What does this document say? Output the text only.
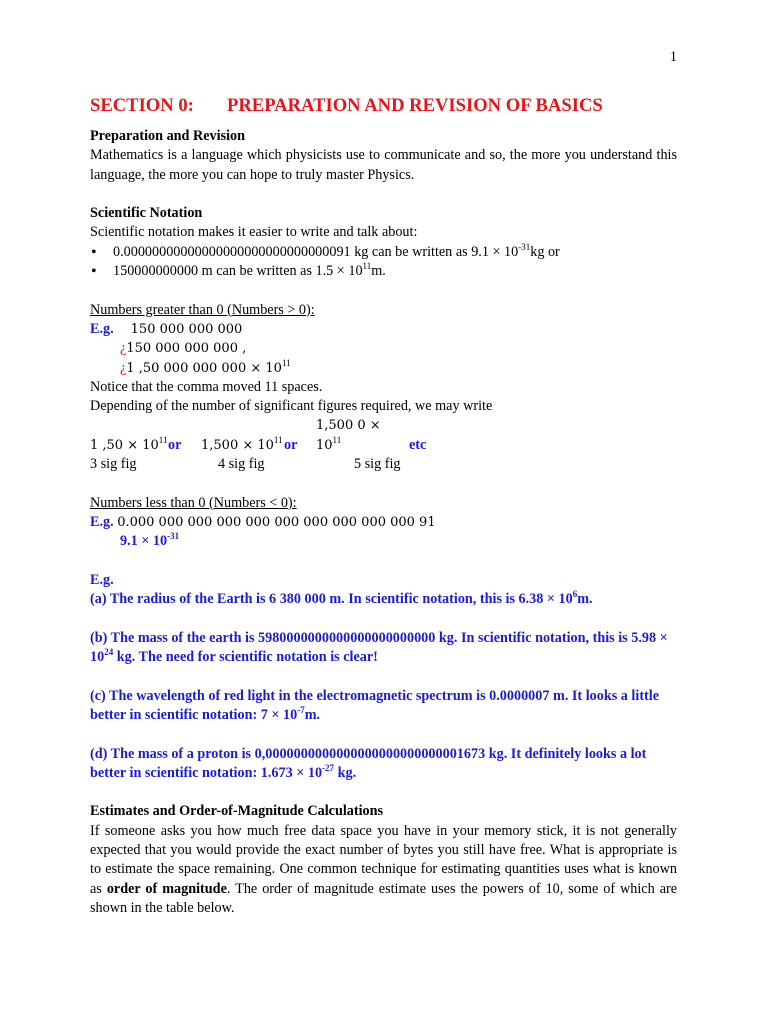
1
SECTION 0:	PREPARATION AND REVISION OF BASICS

Preparation and Revision

Mathematics is a language which physicists use to communicate and so, the more you understand this language, the more you can hope to truly master Physics.

Scientific Notation

Scientific notation makes it easier to write and talk about:

• 0.00000000000000000000000000000091 kg can be written as $9.1 \times 10^{-31}kg$ or
• 150000000000 m can be written as $1.5 \times 10^{11}m$.

Numbers greater than 0 (Numbers > 0):

E.g. 150 000 000 000

¿150 000 000 000 ,

¿1 ,50 000 000 $000 \times 10^{11}$

Notice that the comma moved 11 spaces.

Depending of the number of significant figures required, we may write

1 $,50 \times 10^{11}or$ $1,500 \times 10^{11}or1,500$ $0 \times 10^{11}$	etc

3 sig fig	4 sig fig	5 sig fig

Numbers less than 0 (Numbers < 0):

E.g. 0.000 000 000 000 000 000 000 000 000 000 91

$9.1 \times 10^{-31}$

E.g.

(a) The radius of the Earth is 6 380 000 m. In scientific notation, this is $6.38 \times 10^6m$.

(b) The mass of the earth is 5980000000000000000000000 kg. In scientific notation, this is $5.98 \times 10^{24}$ kg. The need for scientific notation is clear!

(c) The wavelength of red light in the electromagnetic spectrum is 0.0000007 m. It looks a little better in scientific notation: $7 \times 10^{-7}m$.

(d) The mass of a proton is 0,0000000000000000000000000001673 kg. It definitely looks a lot better in scientific notation: $1.673 \times 10^{-27}$ kg.

Estimates and Order-of-Magnitude Calculations

If someone asks you how much free data space you have in your memory stick, it is not generally expected that you would provide the exact number of bytes you still have free. What is appropriate is to estimate the space remaining. One common technique for estimating quantities uses what is known as order of magnitude. The order of magnitude estimate uses the powers of 10, some of which are shown in the table below.
